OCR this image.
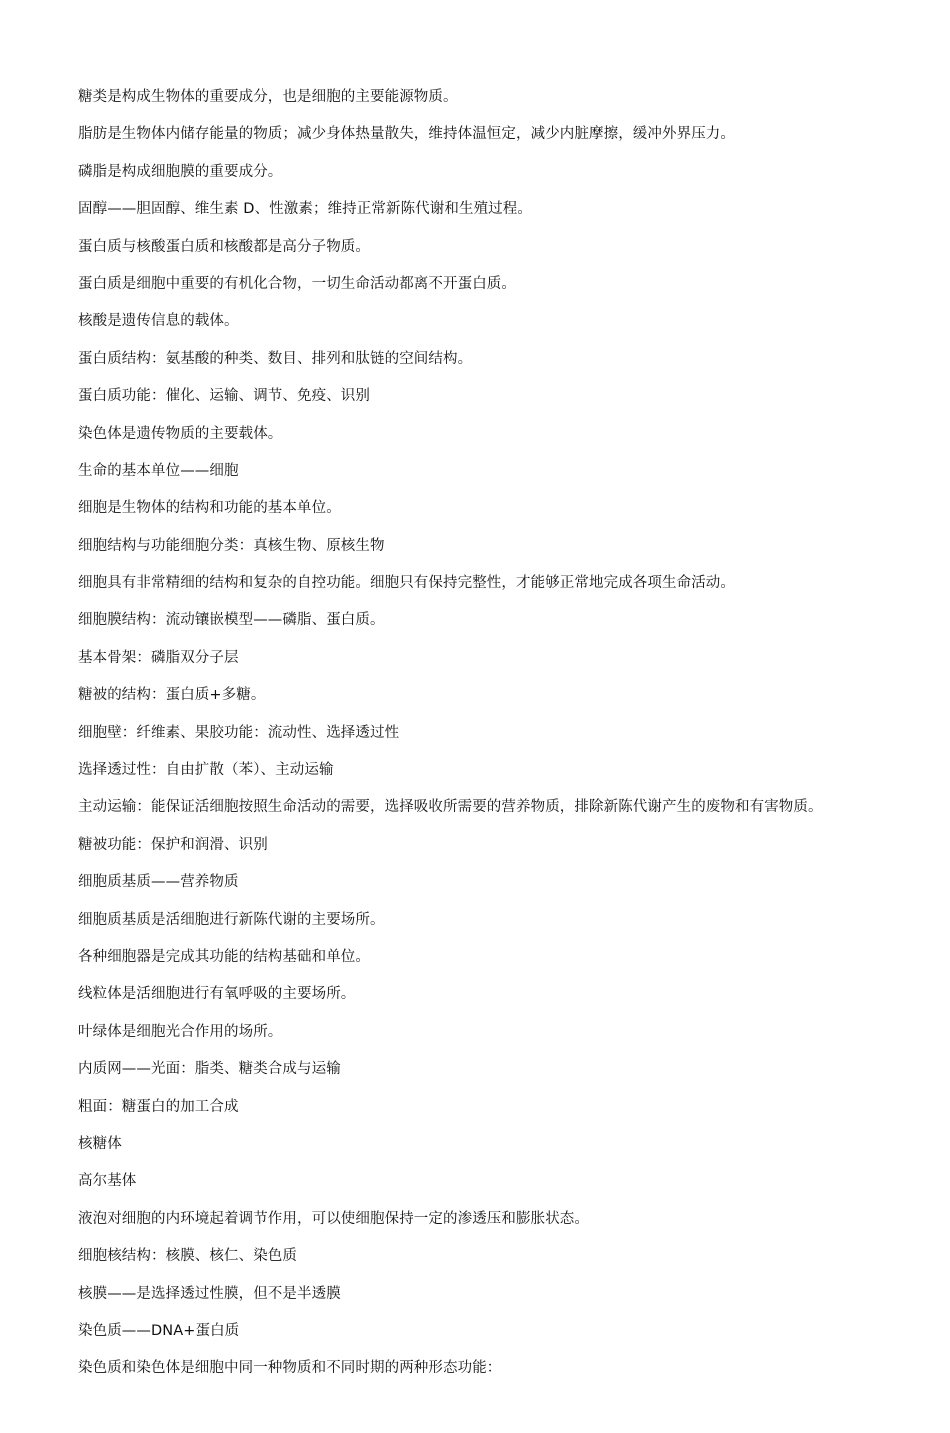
糖类是构成生物体的重要成分，也是细胞的主要能源物质。
脂肪是生物体内储存能量的物质；减少身体热量散失，维持体温恒定，减少内脏摩擦，缓冲外界压力。
磷脂是构成细胞膜的重要成分。
固醇——胆固醇、维生素 D、性激素；维持正常新陈代谢和生殖过程。
蛋白质与核酸蛋白质和核酸都是高分子物质。
蛋白质是细胞中重要的有机化合物，一切生命活动都离不开蛋白质。
核酸是遗传信息的载体。
蛋白质结构：氨基酸的种类、数目、排列和肽链的空间结构。
蛋白质功能：催化、运输、调节、免疫、识别
染色体是遗传物质的主要载体。
生命的基本单位——细胞
细胞是生物体的结构和功能的基本单位。
细胞结构与功能细胞分类：真核生物、原核生物
细胞具有非常精细的结构和复杂的自控功能。细胞只有保持完整性，才能够正常地完成各项生命活动。
细胞膜结构：流动镶嵌模型——磷脂、蛋白质。
基本骨架：磷脂双分子层
糖被的结构：蛋白质+多糖。
细胞壁：纤维素、果胶功能：流动性、选择透过性
选择透过性：自由扩散（苯）、主动运输
主动运输：能保证活细胞按照生命活动的需要，选择吸收所需要的营养物质，排除新陈代谢产生的废物和有害物质。
糖被功能：保护和润滑、识别
细胞质基质——营养物质
细胞质基质是活细胞进行新陈代谢的主要场所。
各种细胞器是完成其功能的结构基础和单位。
线粒体是活细胞进行有氧呼吸的主要场所。
叶绿体是细胞光合作用的场所。
内质网——光面：脂类、糖类合成与运输
粗面：糖蛋白的加工合成
核糖体
高尔基体
液泡对细胞的内环境起着调节作用，可以使细胞保持一定的渗透压和膨胀状态。
细胞核结构：核膜、核仁、染色质
核膜——是选择透过性膜，但不是半透膜
染色质——DNA+蛋白质
染色质和染色体是细胞中同一种物质和不同时期的两种形态功能：
